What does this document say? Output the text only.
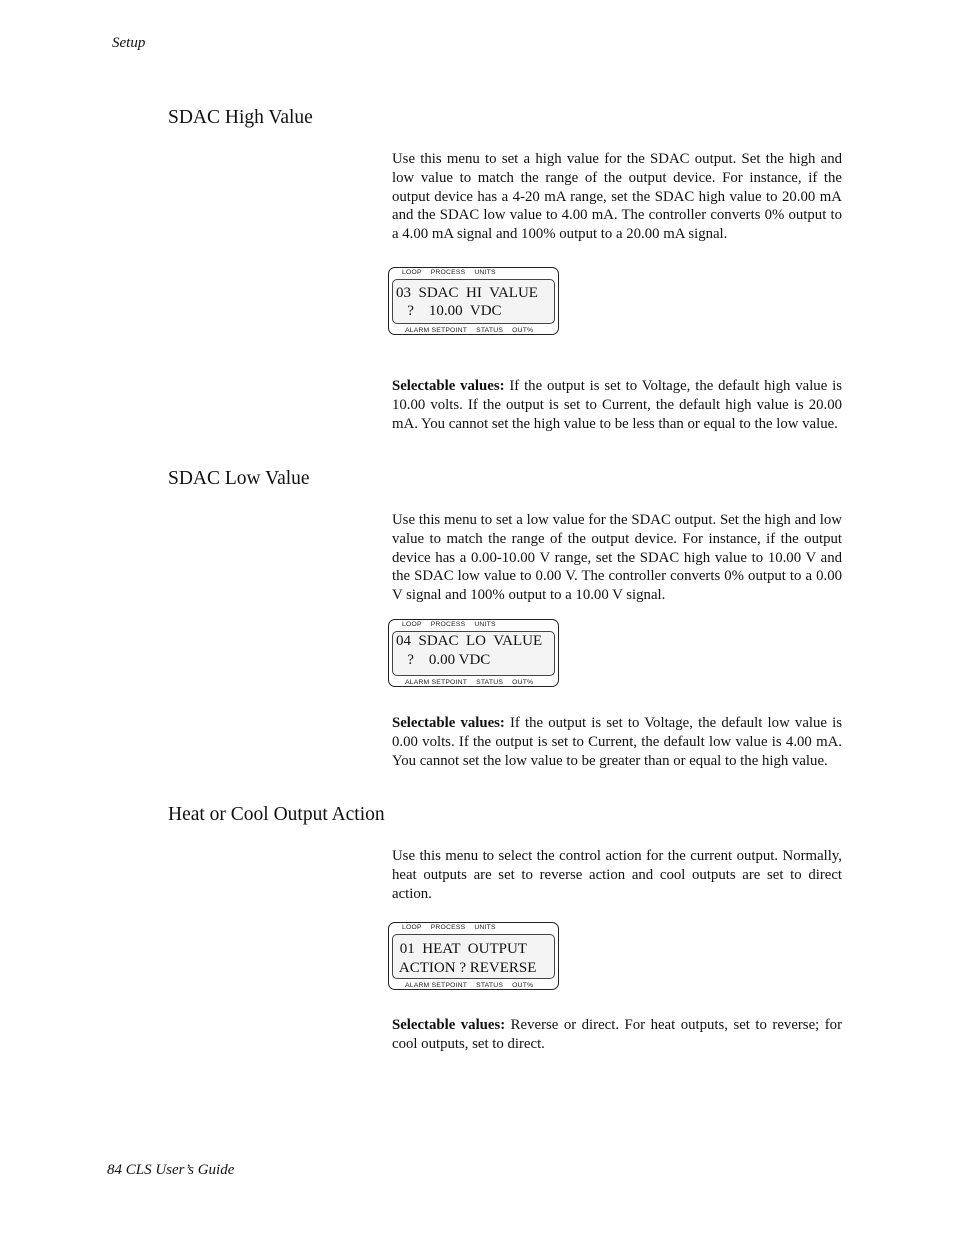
Setup
SDAC High Value

Use this menu to set a high value for the SDAC output. Set the high and low value to match the range of the output device. For instance, if the output device has a 4-20 mA range, set the SDAC high value to 20.00 mA and the SDAC low value to 4.00 mA. The controller converts 0% output to a 4.00 mA signal and 100% output to a 20.00 mA signal.

LOOP PROCESS UNITS
03  SDAC  HI  VALUE
?    10.00  VDC
ALARM SETPOINT STATUS OUT%

Selectable values: If the output is set to Voltage, the default high value is 10.00 volts. If the output is set to Current, the default high value is 20.00 mA. You cannot set the high value to be less than or equal to the low value.

SDAC Low Value

Use this menu to set a low value for the SDAC output. Set the high and low value to match the range of the output device. For instance, if the output device has a 0.00-10.00 V range, set the SDAC high value to 10.00 V and the SDAC low value to 0.00 V. The controller converts 0% output to a 0.00 V signal and 100% output to a 10.00 V signal.

LOOP PROCESS UNITS
04  SDAC  LO  VALUE
?    0.00 VDC
ALARM SETPOINT STATUS OUT%

Selectable values: If the output is set to Voltage, the default low value is 0.00 volts. If the output is set to Current, the default low value is 4.00 mA. You cannot set the low value to be greater than or equal to the high value.

Heat or Cool Output Action

Use this menu to select the control action for the current output. Normally, heat outputs are set to reverse action and cool outputs are set to direct action.

LOOP PROCESS UNITS
01  HEAT  OUTPUT
ACTION ? REVERSE
ALARM SETPOINT STATUS OUT%

Selectable values: Reverse or direct. For heat outputs, set to reverse; for cool outputs, set to direct.

84 CLS User’s Guide
